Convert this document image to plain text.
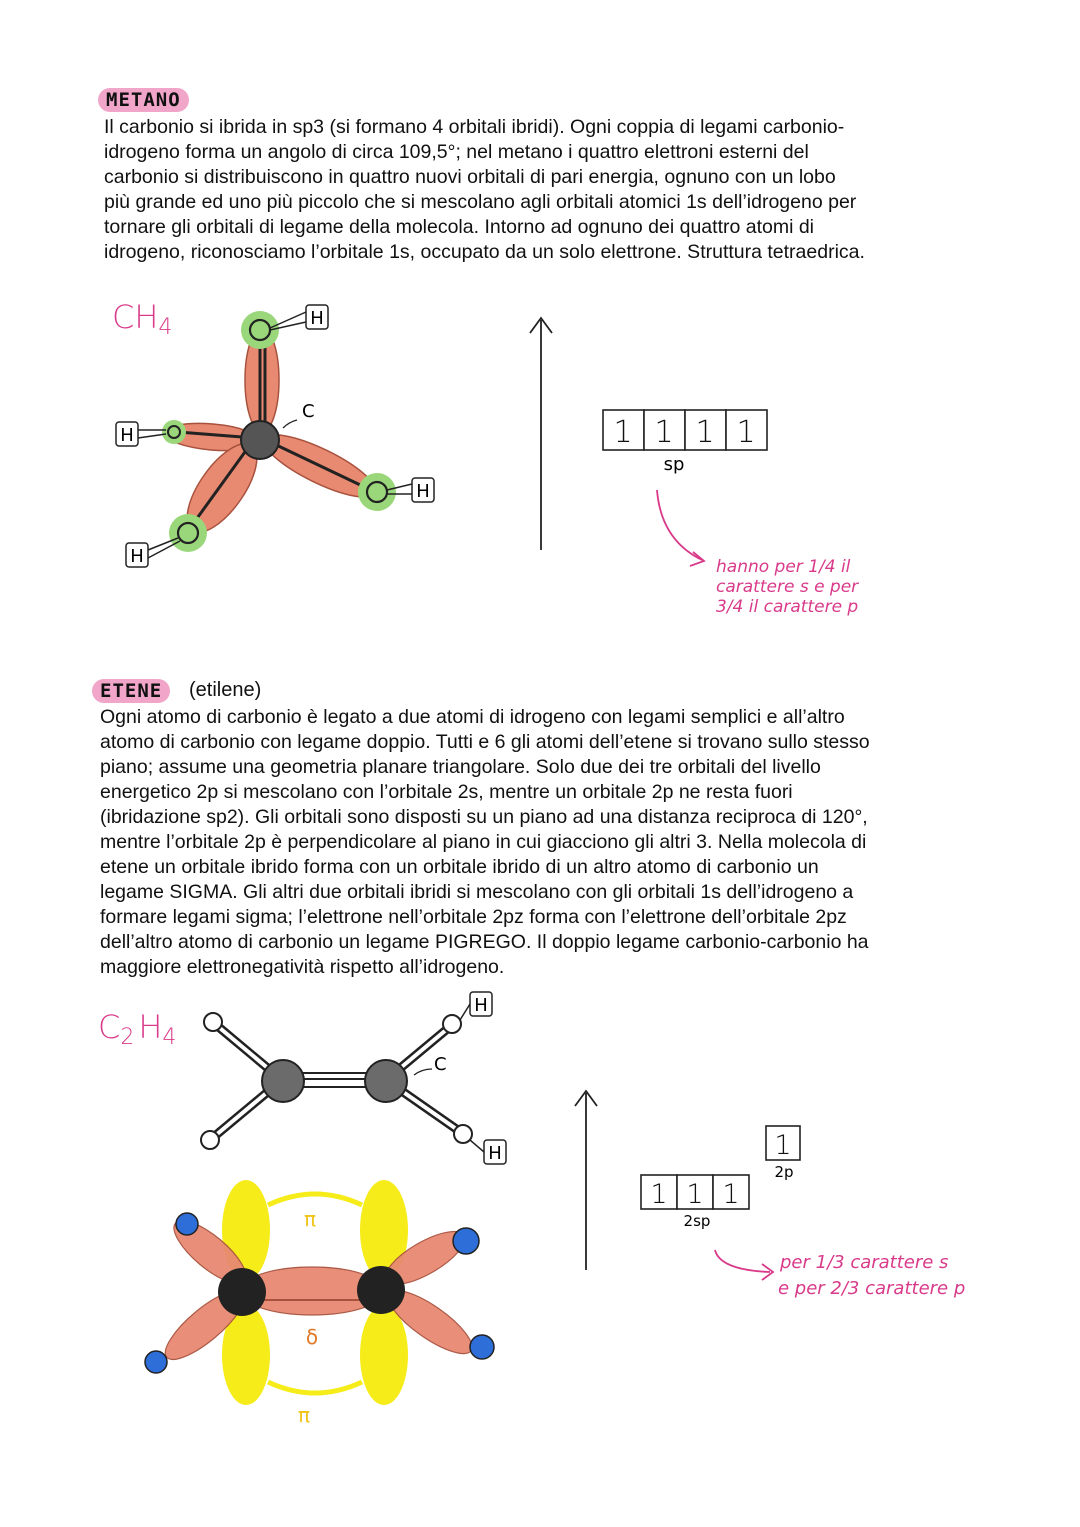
METANO

Il carbonio si ibrida in sp3 (si formano 4 orbitali ibridi). Ogni coppia di legami carbonio-
idrogeno forma un angolo di circa 109,5°; nel metano i quattro elettroni esterni del
carbonio si distribuiscono in quattro nuovi orbitali di pari energia, ognuno con un lobo
più grande ed uno più piccolo che si mescolano agli orbitali atomici 1s dell’idrogeno per
tornare gli orbitali di legame della molecola. Intorno ad ognuno dei quattro atomi di
idrogeno, riconosciamo l’orbitale 1s, occupato da un solo elettrone. Struttura tetraedrica.

CH4
C
H
H
H
H
1 1 1 1
sp
hanno per 1/4 il
carattere s e per
3/4 il carattere p
ETENE	(etilene)

Ogni atomo di carbonio è legato a due atomi di idrogeno con legami semplici e all’altro
atomo di carbonio con legame doppio. Tutti e 6 gli atomi dell’etene si trovano sullo stesso
piano; assume una geometria planare triangolare. Solo due dei tre orbitali del livello
energetico 2p si mescolano con l’orbitale 2s, mentre un orbitale 2p ne resta fuori
(ibridazione sp2). Gli orbitali sono disposti su un piano ad una distanza reciproca di 120°,
mentre l’orbitale 2p è perpendicolare al piano in cui giacciono gli altri 3. Nella molecola di
etene un orbitale ibrido forma con un orbitale ibrido di un altro atomo di carbonio un
legame SIGMA. Gli altri due orbitali ibridi si mescolano con gli orbitali 1s dell’idrogeno a
formare legami sigma; l’elettrone nell’orbitale 2pz forma con l’elettrone dell’orbitale 2pz
dell’altro atomo di carbonio un legame PIGREGO. Il doppio legame carbonio-carbonio ha
maggiore elettronegatività rispetto all’idrogeno.

C2 H4
C
H
H
π
π
δ
1 1 1
1
2sp
2p
per 1/3 carattere s
e per 2/3 carattere p
